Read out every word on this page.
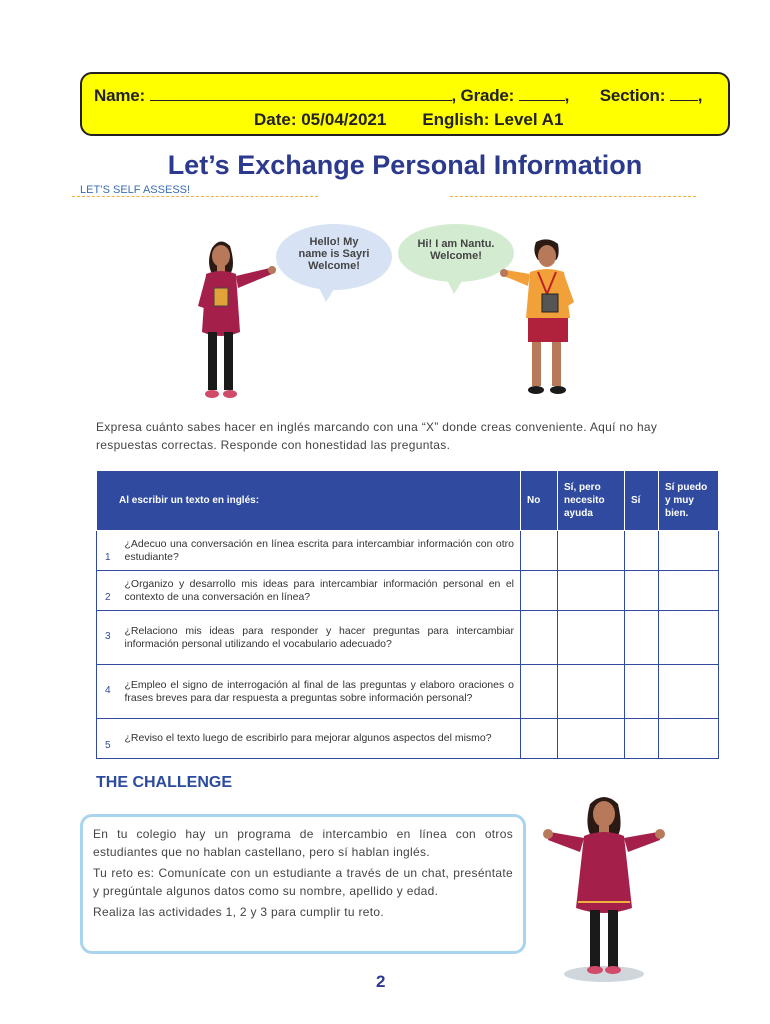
Name:	, Grade:	, Section: ,
Date: 05/04/2021 English: Level A1
Let’s Exchange Personal Information
LET’S SELF ASSESS!
Hello! My
name is Sayri
Welcome!
Hi! I am Nantu.
Welcome!
Expresa cuánto sabes hacer en inglés marcando con una “X” donde creas conveniente. Aquí no hay respuestas correctas. Responde con honestidad las preguntas.
Al escribir un texto en inglés:		No	Sí, pero necesito ayuda	Sí	Sí puedo y muy bien.
1	¿Adecuo una conversación en línea escrita para intercambiar información con otro estudiante?				
2	¿Organizo y desarrollo mis ideas para intercambiar información personal en el contexto de una conversación en línea?				
3	¿Relaciono mis ideas para responder y hacer preguntas para intercambiar información personal utilizando el vocabulario adecuado?				
4	¿Empleo el signo de interrogación al final de las preguntas y elaboro oraciones o frases breves para dar respuesta a preguntas sobre información personal?				
5	¿Reviso el texto luego de escribirlo para mejorar algunos aspectos del mismo?				
THE CHALLENGE

En tu colegio hay un programa de intercambio en línea con otros estudiantes que no hablan castellano, pero sí hablan inglés.

Tu reto es: Comunícate con un estudiante a través de un chat, preséntate y pregúntale algunos datos como su nombre, apellido y edad.

Realiza las actividades 1, 2 y 3 para cumplir tu reto.

2
